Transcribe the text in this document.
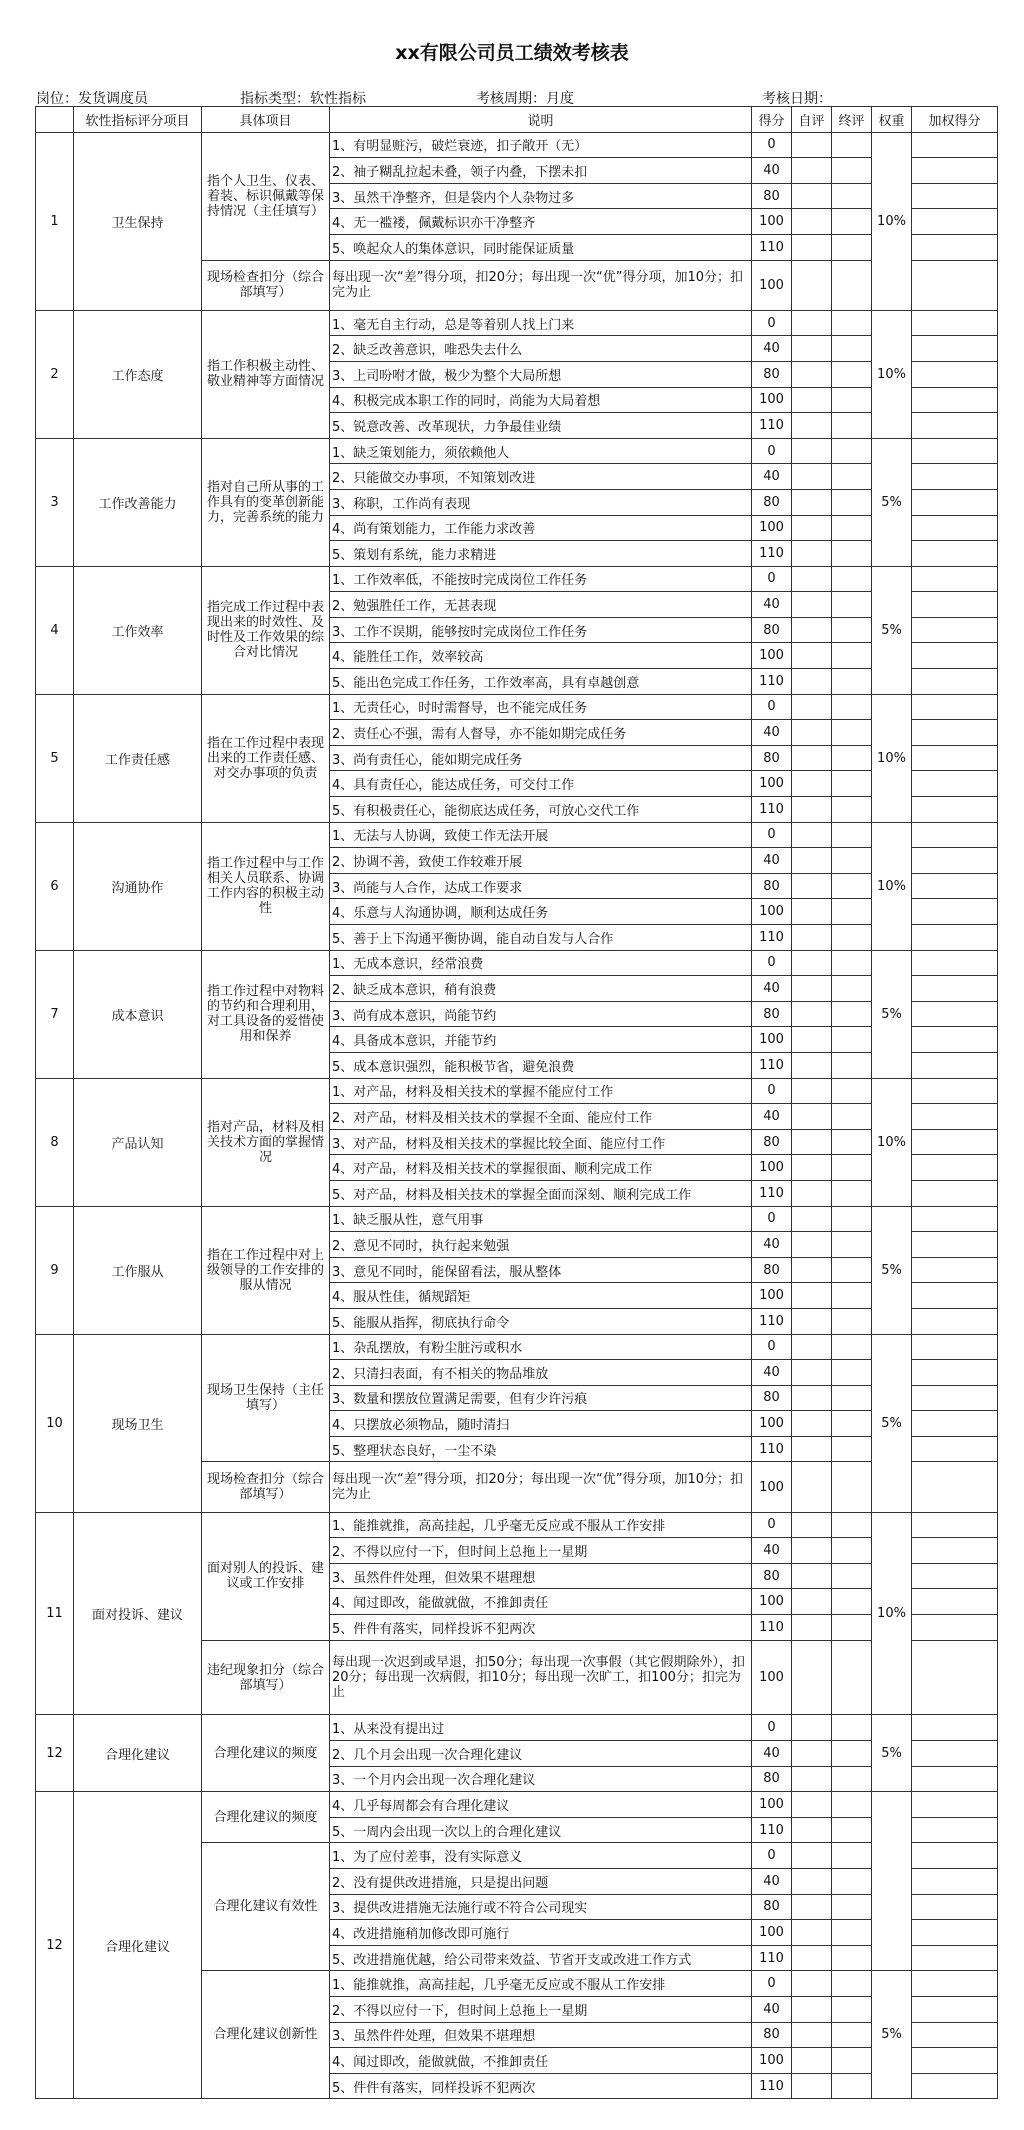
xx有限公司员工绩效考核表
岗位：发货调度员	指标类型：软性指标	考核周期：月度	考核日期：
	软性指标评分项目	具体项目	说明	得分	自评	终评	权重	加权得分
1	卫生保持	指个人卫生、仪表、着装、标识佩戴等保持情况（主任填写）	1、有明显赃污，破烂衰迹，扣子敞开（无）	0			10%	
			2、袖子糊乱拉起未叠，领子内叠，下摆未扣	40				
			3、虽然干净整齐，但是袋内个人杂物过多	80				
			4、无一褴褛，佩戴标识亦干净整齐	100				
			5、唤起众人的集体意识，同时能保证质量	110				
		现场检查扣分（综合部填写）	每出现一次“差”得分项，扣20分；每出现一次“优”得分项，加10分；扣完为止	100				
2	工作态度	指工作积极主动性、敬业精神等方面情况	1、毫无自主行动，总是等着别人找上门来	0			10%	
			2、缺乏改善意识，唯恐失去什么	40				
			3、上司吩咐才做，极少为整个大局所想	80				
			4、积极完成本职工作的同时，尚能为大局着想	100				
			5、锐意改善、改革现状，力争最佳业绩	110				
3	工作改善能力	指对自己所从事的工作具有的变革创新能力，完善系统的能力	1、缺乏策划能力，须依赖他人	0			5%	
			2、只能做交办事项，不知策划改进	40				
			3、称职，工作尚有表现	80				
			4、尚有策划能力，工作能力求改善	100				
			5、策划有系统，能力求精进	110				
4	工作效率	指完成工作过程中表现出来的时效性、及时性及工作效果的综合对比情况	1、工作效率低，不能按时完成岗位工作任务	0			5%	
			2、勉强胜任工作，无甚表现	40				
			3、工作不误期，能够按时完成岗位工作任务	80				
			4、能胜任工作，效率较高	100				
			5、能出色完成工作任务，工作效率高，具有卓越创意	110				
5	工作责任感	指在工作过程中表现出来的工作责任感、对交办事项的负责	1、无责任心，时时需督导，也不能完成任务	0			10%	
			2、责任心不强，需有人督导，亦不能如期完成任务	40				
			3、尚有责任心，能如期完成任务	80				
			4、具有责任心，能达成任务，可交付工作	100				
			5、有积极责任心，能彻底达成任务，可放心交代工作	110				
6	沟通协作	指工作过程中与工作相关人员联系、协调工作内容的积极主动性	1、无法与人协调，致使工作无法开展	0			10%	
			2、协调不善，致使工作较难开展	40				
			3、尚能与人合作，达成工作要求	80				
			4、乐意与人沟通协调，顺利达成任务	100				
			5、善于上下沟通平衡协调，能自动自发与人合作	110				
7	成本意识	指工作过程中对物料的节约和合理利用，对工具设备的爱惜使用和保养	1、无成本意识，经常浪费	0			5%	
			2、缺乏成本意识，稍有浪费	40				
			3、尚有成本意识，尚能节约	80				
			4、具备成本意识，并能节约	100				
			5、成本意识强烈，能积极节省，避免浪费	110				
8	产品认知	指对产品，材料及相关技术方面的掌握情况	1、对产品，材料及相关技术的掌握不能应付工作	0			10%	
			2、对产品，材料及相关技术的掌握不全面、能应付工作	40				
			3、对产品，材料及相关技术的掌握比较全面、能应付工作	80				
			4、对产品，材料及相关技术的掌握很面、顺利完成工作	100				
			5、对产品，材料及相关技术的掌握全面而深刻、顺利完成工作	110				
9	工作服从	指在工作过程中对上级领导的工作安排的服从情况	1、缺乏服从性，意气用事	0			5%	
			2、意见不同时，执行起来勉强	40				
			3、意见不同时，能保留看法，服从整体	80				
			4、服从性佳，循规蹈矩	100				
			5、能服从指挥，彻底执行命令	110				
10	现场卫生	现场卫生保持（主任填写）	1、杂乱摆放，有粉尘脏污或积水	0			5%	
			2、只清扫表面，有不相关的物品堆放	40				
			3、数量和摆放位置满足需要，但有少许污痕	80				
			4、只摆放必须物品，随时清扫	100				
			5、整理状态良好，一尘不染	110				
		现场检查扣分（综合部填写）	每出现一次“差”得分项，扣20分；每出现一次“优”得分项，加10分；扣完为止	100				
11	面对投诉、建议	面对别人的投诉、建议或工作安排	1、能推就推，高高挂起，几乎毫无反应或不服从工作安排	0			10%	
			2、不得以应付一下，但时间上总拖上一星期	40				
			3、虽然件件处理，但效果不堪理想	80				
			4、闻过即改，能做就做，不推卸责任	100				
			5、件件有落实，同样投诉不犯两次	110				
		违纪现象扣分（综合部填写）	每出现一次迟到或早退，扣50分；每出现一次事假（其它假期除外），扣20分；每出现一次病假，扣10分；每出现一次旷工，扣100分；扣完为止	100				
12	合理化建议	合理化建议的频度	1、从来没有提出过	0			5%	
			2、几个月会出现一次合理化建议	40				
			3、一个月内会出现一次合理化建议	80				
12	合理化建议	合理化建议的频度	4、几乎每周都会有合理化建议	100				
			5、一周内会出现一次以上的合理化建议	110				
		合理化建议有效性	1、为了应付差事，没有实际意义	0				
			2、没有提供改进措施，只是提出问题	40				
			3、提供改进措施无法施行或不符合公司现实	80				
			4、改进措施稍加修改即可施行	100				
			5、改进措施优越，给公司带来效益、节省开支或改进工作方式	110				
		合理化建议创新性	1、能推就推，高高挂起，几乎毫无反应或不服从工作安排	0			5%	
			2、不得以应付一下，但时间上总拖上一星期	40				
			3、虽然件件处理，但效果不堪理想	80				
			4、闻过即改，能做就做，不推卸责任	100				
			5、件件有落实，同样投诉不犯两次	110				
